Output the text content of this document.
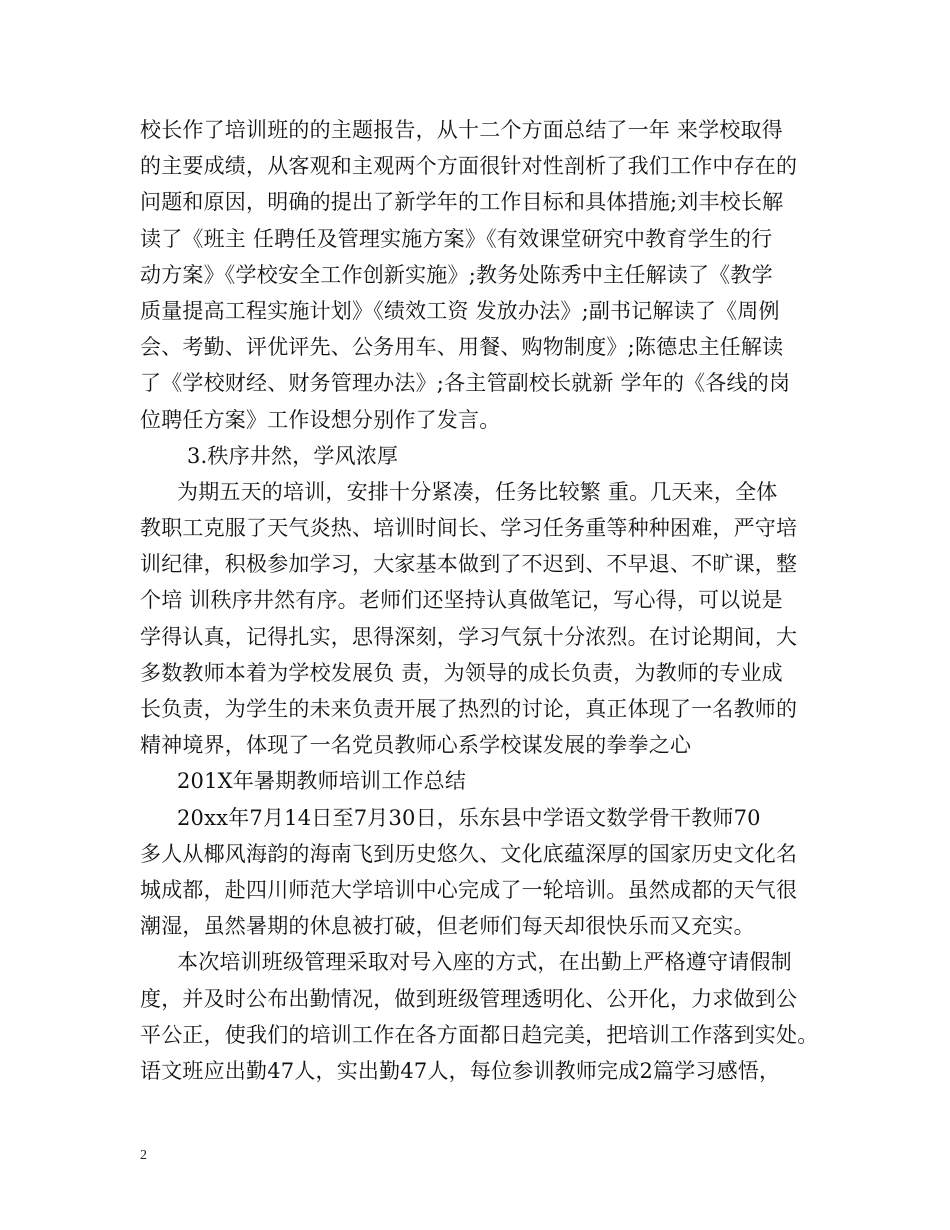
校长作了培训班的的主题报告，从十二个方面总结了一年 来学校取得
的主要成绩，从客观和主观两个方面很针对性剖析了我们工作中存在的
问题和原因，明确的提出了新学年的工作目标和具体措施;刘丰校长解
读了《班主 任聘任及管理实施方案》《有效课堂研究中教育学生的行
动方案》《学校安全工作创新实施》;教务处陈秀中主任解读了《教学
质量提高工程实施计划》《绩效工资 发放办法》;副书记解读了《周例
会、考勤、评优评先、公务用车、用餐、购物制度》;陈德忠主任解读
了《学校财经、财务管理办法》;各主管副校长就新 学年的《各线的岗
位聘任方案》工作设想分别作了发言。
3.秩序井然，学风浓厚
为期五天的培训，安排十分紧凑，任务比较繁 重。几天来，全体
教职工克服了天气炎热、培训时间长、学习任务重等种种困难，严守培
训纪律，积极参加学习，大家基本做到了不迟到、不早退、不旷课，整
个培 训秩序井然有序。老师们还坚持认真做笔记，写心得，可以说是
学得认真，记得扎实，思得深刻，学习气氛十分浓烈。在讨论期间，大
多数教师本着为学校发展负 责，为领导的成长负责，为教师的专业成
长负责，为学生的未来负责开展了热烈的讨论，真正体现了一名教师的
精神境界，体现了一名党员教师心系学校谋发展的拳拳之心
201X年暑期教师培训工作总结
20xx年7月14日至7月30日，乐东县中学语文数学骨干教师70
多人从椰风海韵的海南飞到历史悠久、文化底蕴深厚的国家历史文化名
城成都，赴四川师范大学培训中心完成了一轮培训。虽然成都的天气很
潮湿，虽然暑期的休息被打破，但老师们每天却很快乐而又充实。
本次培训班级管理采取对号入座的方式，在出勤上严格遵守请假制
度，并及时公布出勤情况，做到班级管理透明化、公开化，力求做到公
平公正，使我们的培训工作在各方面都日趋完美，把培训工作落到实处。
语文班应出勤47人，实出勤47人，每位参训教师完成2篇学习感悟，
2
